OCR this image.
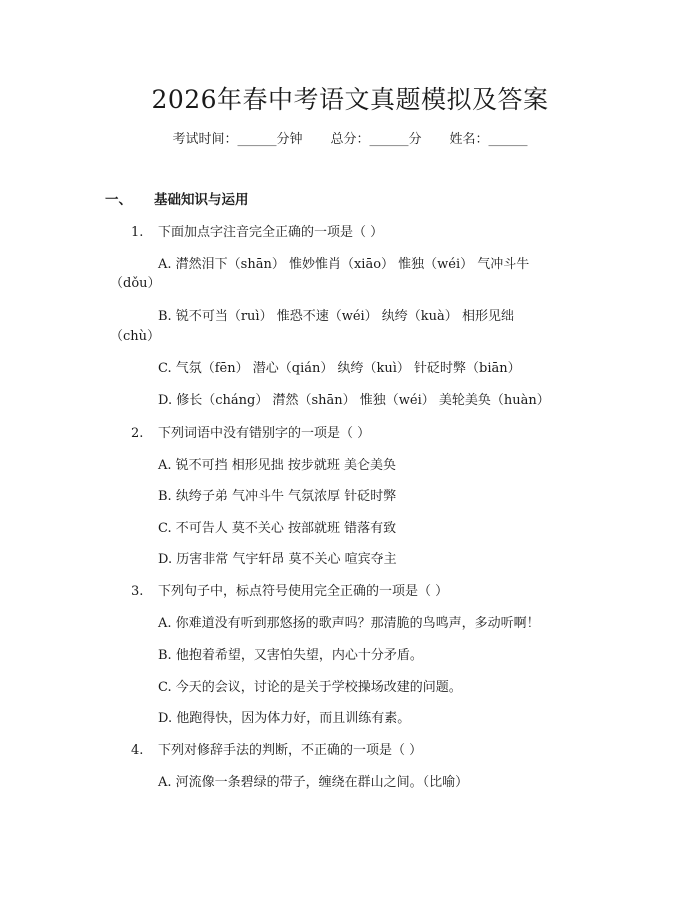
2026年春中考语文真题模拟及答案
考试时间：______分钟 总分：______分 姓名：______
一、 基础知识与运用
1. 下面加点字注音完全正确的一项是（ ）
A. 潸然泪下（shān） 惟妙惟肖（xiāo） 惟独（wéi） 气冲斗牛
（dǒu）
B. 锐不可当（ruì） 惟恐不速（wéi） 纨绔（kuà） 相形见绌
（chù）
C. 气氛（fēn） 潜心（qián） 纨绔（kuì） 针砭时弊（biān）
D. 修长（cháng） 潸然（shān） 惟独（wéi） 美轮美奂（huàn）
2. 下列词语中没有错别字的一项是（ ）
A. 锐不可挡 相形见拙 按步就班 美仑美奂
B. 纨绔子弟 气冲斗牛 气氛浓厚 针砭时弊
C. 不可告人 莫不关心 按部就班 错落有致
D. 历害非常 气宇轩昂 莫不关心 喧宾夺主
3. 下列句子中，标点符号使用完全正确的一项是（ ）
A. 你难道没有听到那悠扬的歌声吗？那清脆的鸟鸣声，多动听啊！
B. 他抱着希望，又害怕失望，内心十分矛盾。
C. 今天的会议，讨论的是关于学校操场改建的问题。
D. 他跑得快，因为体力好，而且训练有素。
4. 下列对修辞手法的判断，不正确的一项是（ ）
A. 河流像一条碧绿的带子，缠绕在群山之间。（比喻）
